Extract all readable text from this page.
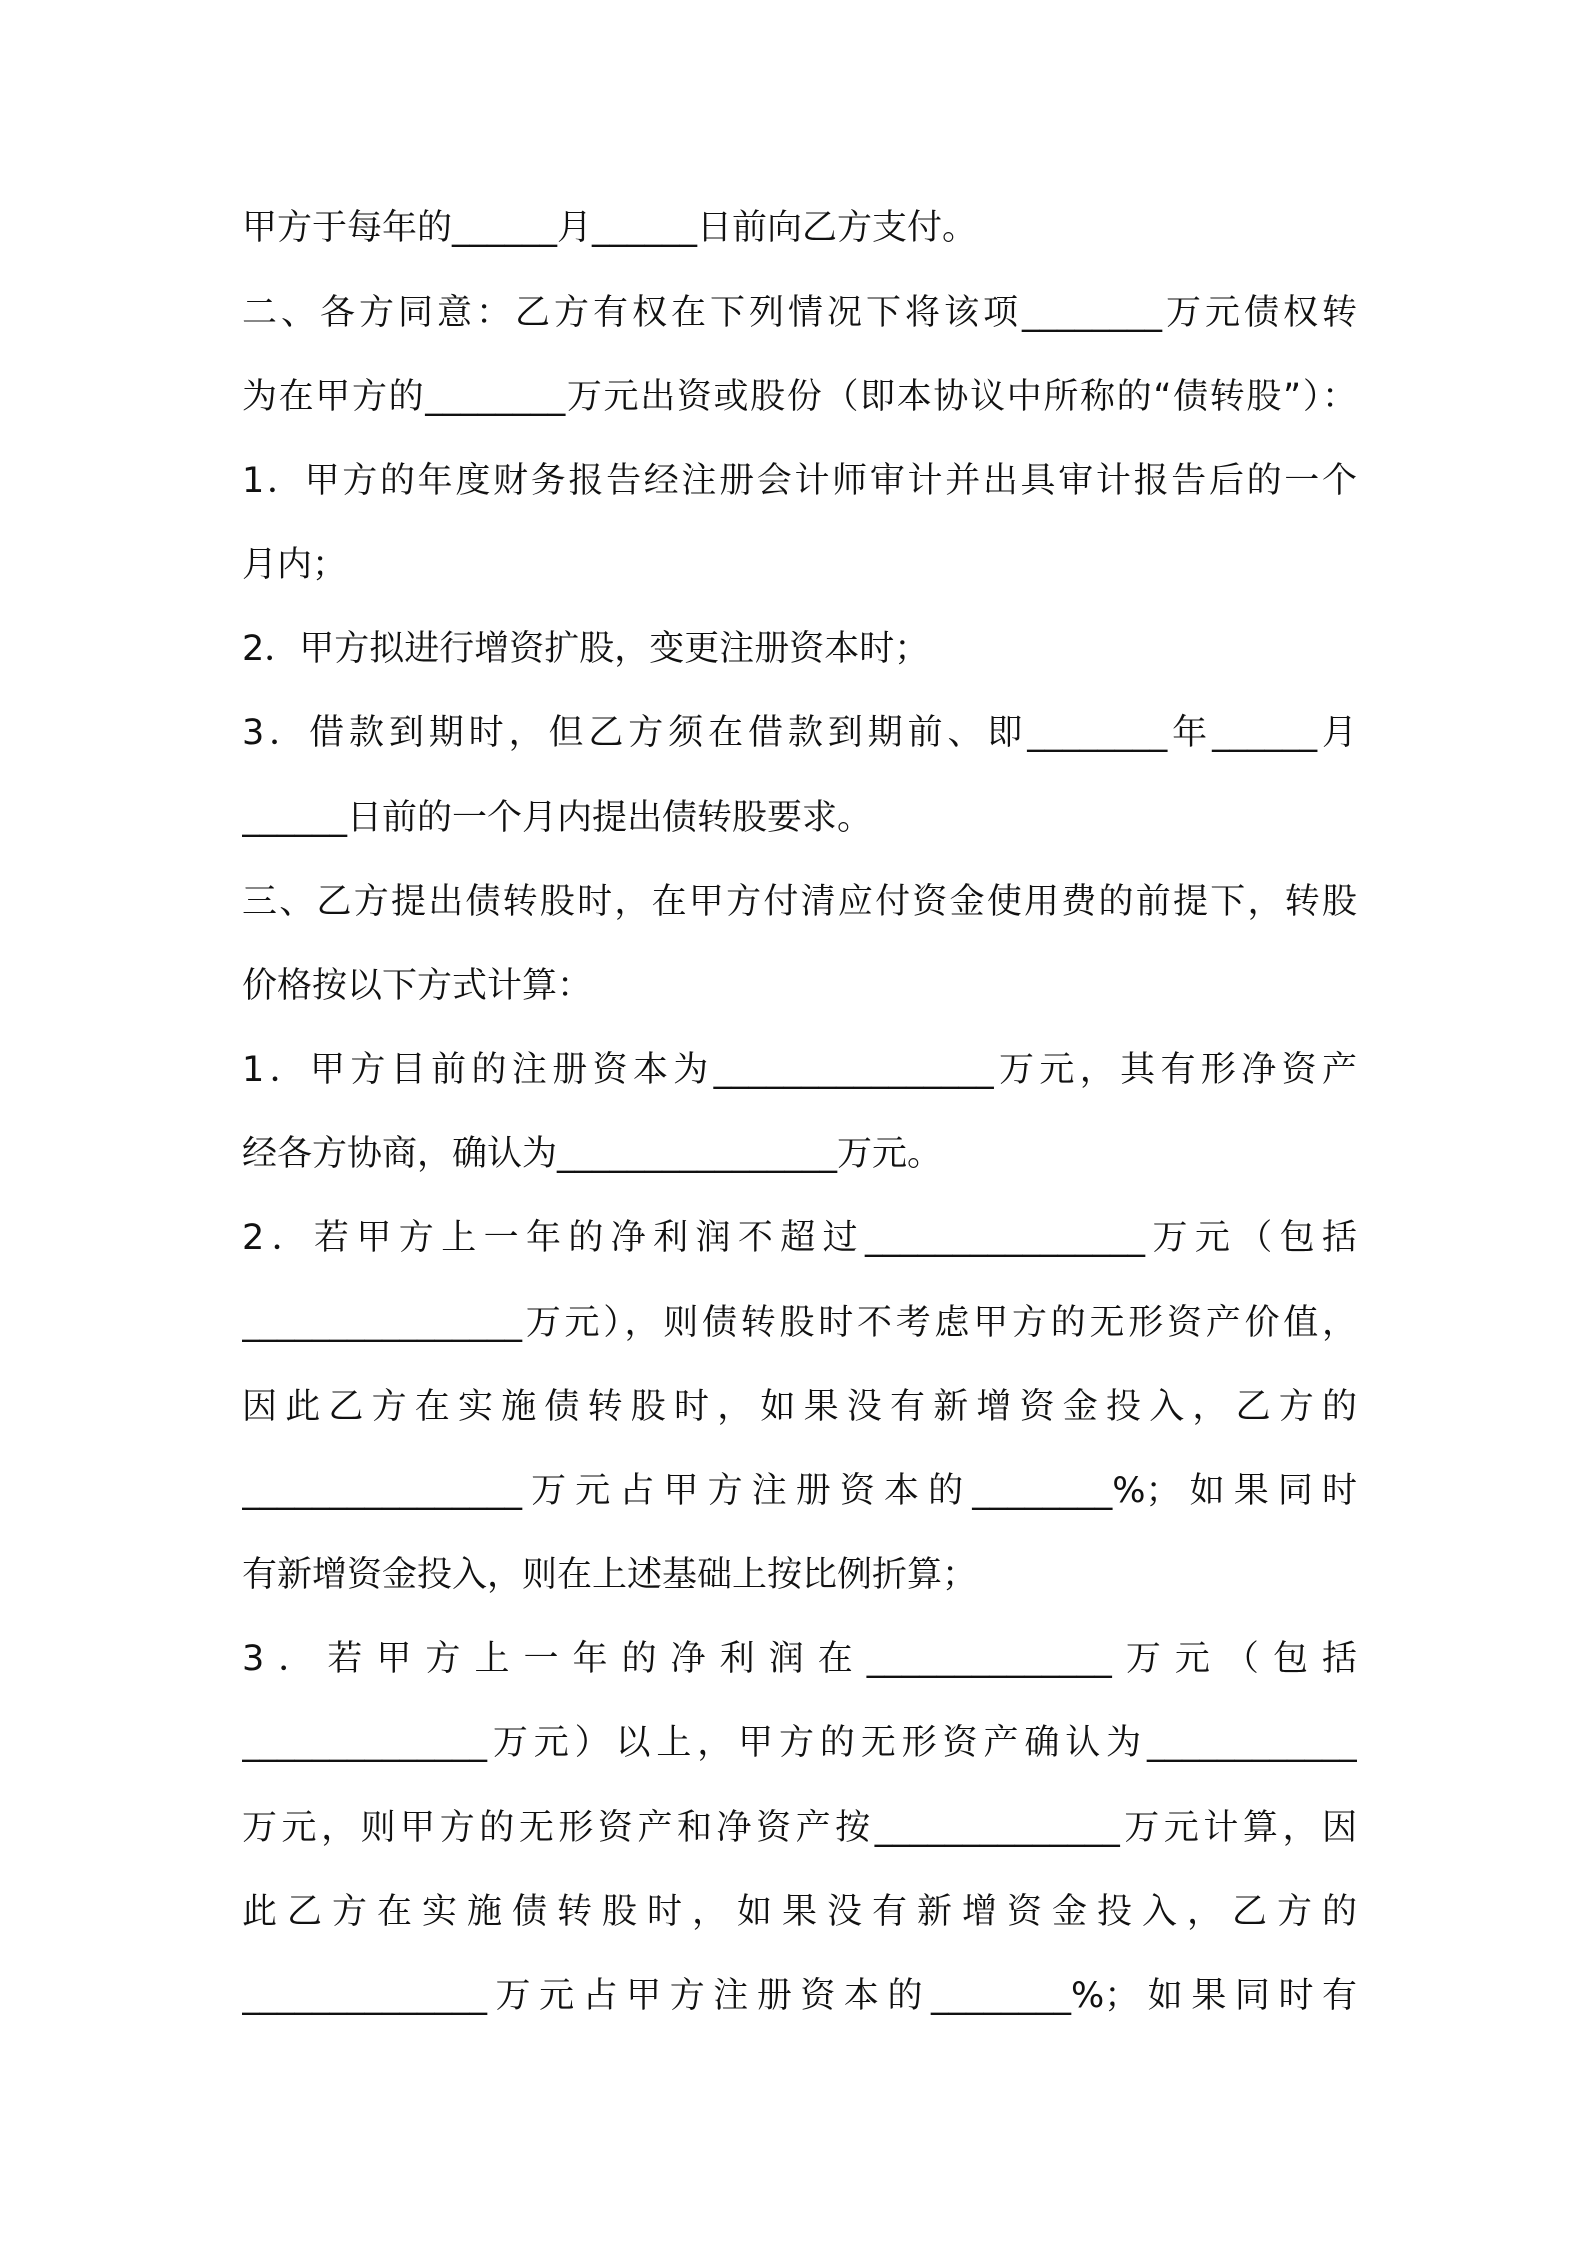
甲方于每年的______月______日前向乙方支付。
二、各方同意：乙方有权在下列情况下将该项________万元债权转
为在甲方的________万元出资或股份（即本协议中所称的“债转股”）：
1．甲方的年度财务报告经注册会计师审计并出具审计报告后的一个
月内；
2．甲方拟进行增资扩股，变更注册资本时；
3．借款到期时，但乙方须在借款到期前、即________年______月
______日前的一个月内提出债转股要求。
三、乙方提出债转股时，在甲方付清应付资金使用费的前提下，转股
价格按以下方式计算：
1．甲方目前的注册资本为________________万元，其有形净资产
经各方协商，确认为________________万元。
2．若甲方上一年的净利润不超过________________万元（包括
________________万元），则债转股时不考虑甲方的无形资产价值，
因此乙方在实施债转股时，如果没有新增资金投入，乙方的
________________万元占甲方注册资本的________%；如果同时
有新增资金投入，则在上述基础上按比例折算；
3．若甲方上一年的净利润在______________万元（包括
______________万元）以上，甲方的无形资产确认为____________
万元，则甲方的无形资产和净资产按______________万元计算，因
此乙方在实施债转股时，如果没有新增资金投入，乙方的
______________万元占甲方注册资本的________%；如果同时有
